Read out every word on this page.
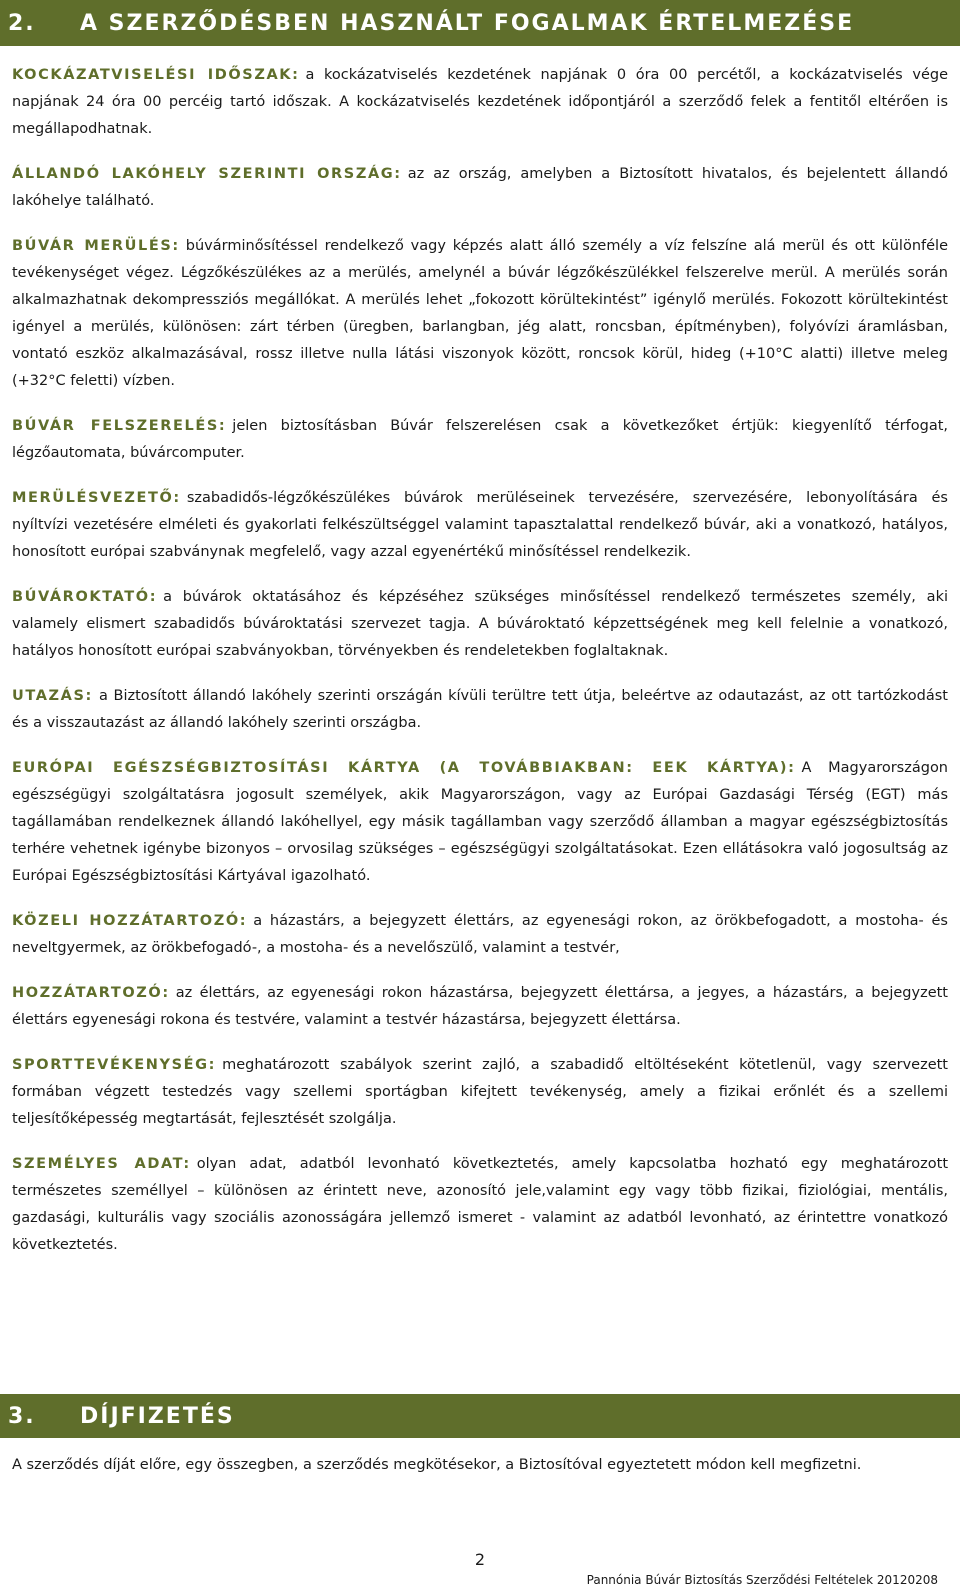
2.	A SZERZŐDÉSBEN HASZNÁLT FOGALMAK ÉRTELMEZÉSE

KOCKÁZATVISELÉSI IDŐSZAK: a kockázatviselés kezdetének napjának 0 óra 00 percétől, a kockázatviselés vége napjának 24 óra 00 percéig tartó időszak. A kockázatviselés kezdetének időpontjáról a szerződő felek a fentitől eltérően is megállapodhatnak.

ÁLLANDÓ LAKÓHELY SZERINTI ORSZÁG: az az ország, amelyben a Biztosított hivatalos, és bejelentett állandó lakóhelye található.

BÚVÁR MERÜLÉS: búvárminősítéssel rendelkező vagy képzés alatt álló személy a víz felszíne alá merül és ott különféle tevékenységet végez. Légzőkészülékes az a merülés, amelynél a búvár légzőkészülékkel felszerelve merül. A merülés során alkalmazhatnak dekompressziós megállókat. A merülés lehet „fokozott körültekintést” igénylő merülés. Fokozott körültekintést igényel a merülés, különösen: zárt térben (üregben, barlangban, jég alatt, roncsban, építményben), folyóvízi áramlásban, vontató eszköz alkalmazásával, rossz illetve nulla látási viszonyok között, roncsok körül, hideg (+10°C alatti) illetve meleg (+32°C feletti) vízben.

BÚVÁR FELSZERELÉS: jelen biztosításban Búvár felszerelésen csak a következőket értjük: kiegyenlítő térfogat, légzőautomata, búvárcomputer.

MERÜLÉSVEZETŐ: szabadidős-légzőkészülékes búvárok merüléseinek tervezésére, szervezésére, lebonyolítására és nyíltvízi vezetésére elméleti és gyakorlati felkészültséggel valamint tapasztalattal rendelkező búvár, aki a vonatkozó, hatályos, honosított európai szabványnak megfelelő, vagy azzal egyenértékű minősítéssel rendelkezik.

BÚVÁROKTATÓ: a búvárok oktatásához és képzéséhez szükséges minősítéssel rendelkező természetes személy, aki valamely elismert szabadidős búvároktatási szervezet tagja. A búvároktató képzettségének meg kell felelnie a vonatkozó, hatályos honosított európai szabványokban, törvényekben és rendeletekben foglaltaknak.

UTAZÁS: a Biztosított állandó lakóhely szerinti országán kívüli terültre tett útja, beleértve az odautazást, az ott tartózkodást és a visszautazást az állandó lakóhely szerinti országba.

EURÓPAI EGÉSZSÉGBIZTOSÍTÁSI KÁRTYA (A TOVÁBBIAKBAN: EEK KÁRTYA): A Magyarországon egészségügyi szolgáltatásra jogosult személyek, akik Magyarországon, vagy az Európai Gazdasági Térség (EGT) más tagállamában rendelkeznek állandó lakóhellyel, egy másik tagállamban vagy szerződő államban a magyar egészségbiztosítás terhére vehetnek igénybe bizonyos – orvosilag szükséges – egészségügyi szolgáltatásokat. Ezen ellátásokra való jogosultság az Európai Egészségbiztosítási Kártyával igazolható.

KÖZELI HOZZÁTARTOZÓ: a házastárs, a bejegyzett élettárs, az egyenesági rokon, az örökbefogadott, a mostoha- és neveltgyermek, az örökbefogadó-, a mostoha- és a nevelőszülő, valamint a testvér,

HOZZÁTARTOZÓ: az élettárs, az egyenesági rokon házastársa, bejegyzett élettársa, a jegyes, a házastárs, a bejegyzett élettárs egyenesági rokona és testvére, valamint a testvér házastársa, bejegyzett élettársa.

SPORTTEVÉKENYSÉG: meghatározott szabályok szerint zajló, a szabadidő eltöltéseként kötetlenül, vagy szervezett formában végzett testedzés vagy szellemi sportágban kifejtett tevékenység, amely a fizikai erőnlét és a szellemi teljesítőképesség megtartását, fejlesztését szolgálja.

SZEMÉLYES ADAT: olyan adat, adatból levonható következtetés, amely kapcsolatba hozható egy meghatározott természetes személlyel – különösen az érintett neve, azonosító jele,valamint egy vagy több fizikai, fiziológiai, mentális, gazdasági, kulturális vagy szociális azonosságára jellemző ismeret - valamint az adatból levonható, az érintettre vonatkozó következtetés.

3.	DÍJFIZETÉS

A szerződés díját előre, egy összegben, a szerződés megkötésekor, a Biztosítóval egyeztetett módon kell megfizetni.

2
Pannónia Búvár Biztosítás Szerződési Feltételek 20120208
